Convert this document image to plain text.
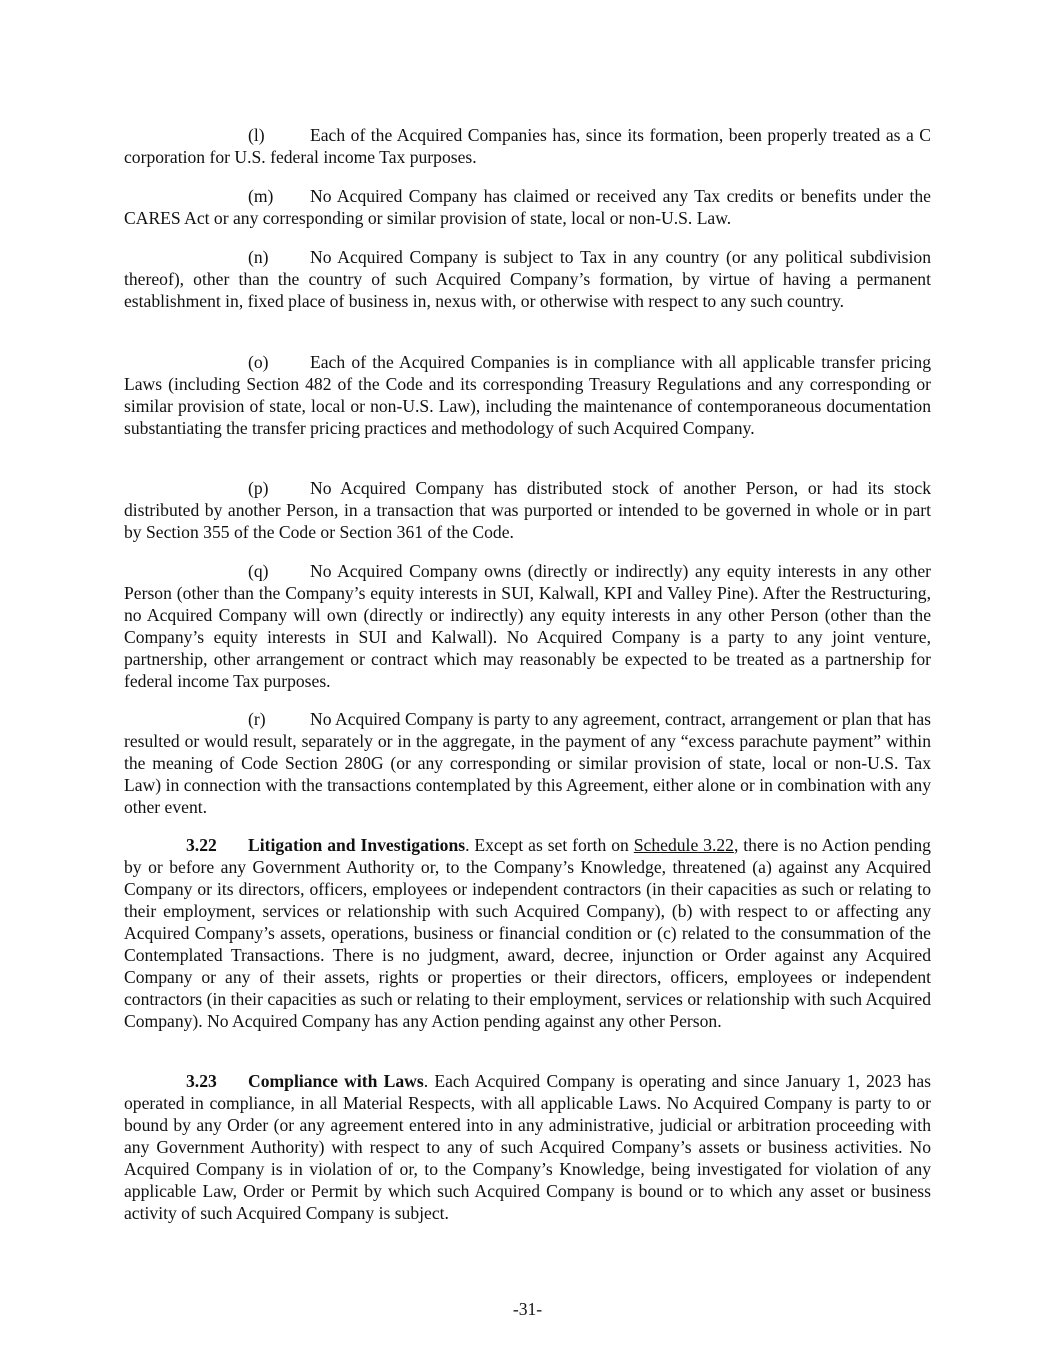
(l)	Each of the Acquired Companies has, since its formation, been properly treated as a C corporation for U.S. federal income Tax purposes.

(m) No Acquired Company has claimed or received any Tax credits or benefits under the CARES Act or any corresponding or similar provision of state, local or non-U.S. Law.

(n) No Acquired Company is subject to Tax in any country (or any political subdivision thereof), other than the country of such Acquired Company’s formation, by virtue of having a permanent establishment in, fixed place of business in, nexus with, or otherwise with respect to any such country.

(o) Each of the Acquired Companies is in compliance with all applicable transfer pricing Laws (including Section 482 of the Code and its corresponding Treasury Regulations and any corresponding or similar provision of state, local or non-U.S. Law), including the maintenance of contemporaneous documentation substantiating the transfer pricing practices and methodology of such Acquired Company.

(p) No Acquired Company has distributed stock of another Person, or had its stock distributed by another Person, in a transaction that was purported or intended to be governed in whole or in part by Section 355 of the Code or Section 361 of the Code.

(q) No Acquired Company owns (directly or indirectly) any equity interests in any other Person (other than the Company’s equity interests in SUI, Kalwall, KPI and Valley Pine). After the Restructuring, no Acquired Company will own (directly or indirectly) any equity interests in any other Person (other than the Company’s equity interests in SUI and Kalwall). No Acquired Company is a party to any joint venture, partnership, other arrangement or contract which may reasonably be expected to be treated as a partnership for federal income Tax purposes.

(r)	No Acquired Company is party to any agreement, contract, arrangement or plan that has resulted or would result, separately or in the aggregate, in the payment of any “excess parachute payment” within the meaning of Code Section 280G (or any corresponding or similar provision of state, local or non-U.S. Tax Law) in connection with the transactions contemplated by this Agreement, either alone or in combination with any other event.

3.22 Litigation and Investigations. Except as set forth on Schedule 3.22, there is no Action pending by or before any Government Authority or, to the Company’s Knowledge, threatened (a) against any Acquired Company or its directors, officers, employees or independent contractors (in their capacities as such or relating to their employment, services or relationship with such Acquired Company), (b) with respect to or affecting any Acquired Company’s assets, operations, business or financial condition or (c) related to the consummation of the Contemplated Transactions. There is no judgment, award, decree, injunction or Order against any Acquired Company or any of their assets, rights or properties or their directors, officers, employees or independent contractors (in their capacities as such or relating to their employment, services or relationship with such Acquired Company). No Acquired Company has any Action pending against any other Person.

3.23 Compliance with Laws. Each Acquired Company is operating and since January 1, 2023 has operated in compliance, in all Material Respects, with all applicable Laws. No Acquired Company is party to or bound by any Order (or any agreement entered into in any administrative, judicial or arbitration proceeding with any Government Authority) with respect to any of such Acquired Company’s assets or business activities. No Acquired Company is in violation of or, to the Company’s Knowledge, being investigated for violation of any applicable Law, Order or Permit by which such Acquired Company is bound or to which any asset or business activity of such Acquired Company is subject.

-31-
